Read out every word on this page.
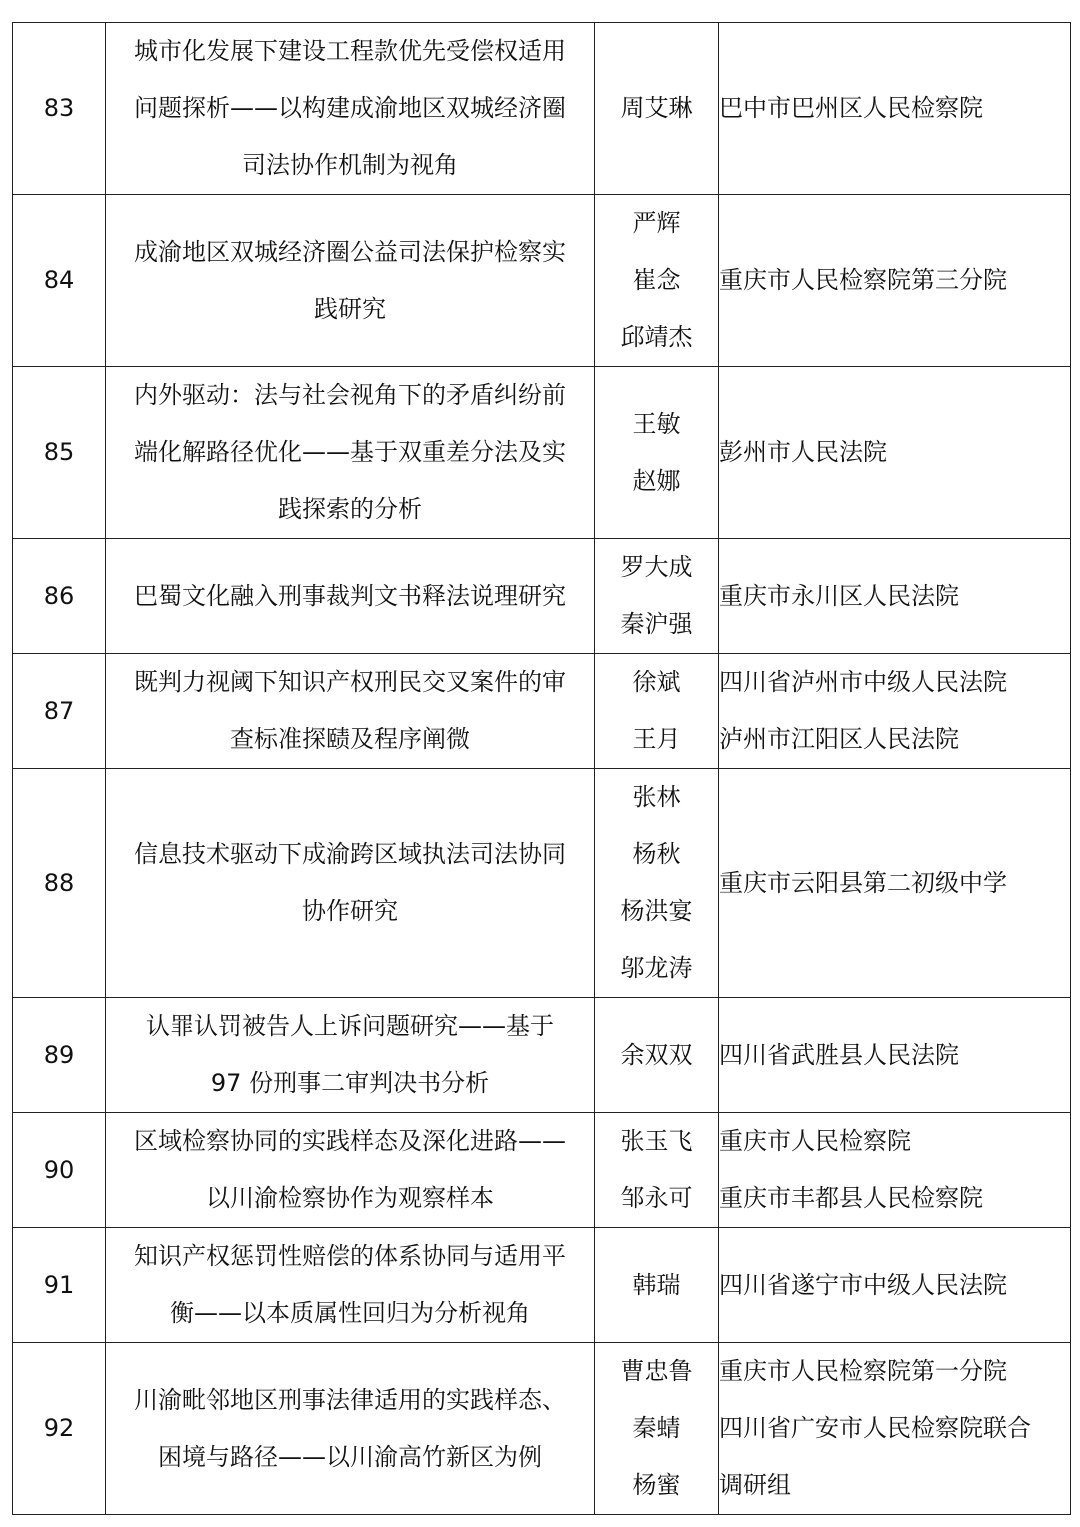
83	城市化发展下建设工程款优先受偿权适用
问题探析——以构建成渝地区双城经济圈
司法协作机制为视角	周艾琳	巴中市巴州区人民检察院

84	成渝地区双城经济圈公益司法保护检察实
践研究	严辉
崔念
邱靖杰	重庆市人民检察院第三分院

85	内外驱动：法与社会视角下的矛盾纠纷前
端化解路径优化——基于双重差分法及实
践探索的分析	王敏
赵娜	彭州市人民法院

86	巴蜀文化融入刑事裁判文书释法说理研究	罗大成
秦沪强	重庆市永川区人民法院

87	既判力视阈下知识产权刑民交叉案件的审
查标准探赜及程序阐微	徐斌
王月	四川省泸州市中级人民法院
泸州市江阳区人民法院

88	信息技术驱动下成渝跨区域执法司法协同
协作研究	张林
杨秋
杨洪宴
邬龙涛	重庆市云阳县第二初级中学

89	认罪认罚被告人上诉问题研究——基于
97 份刑事二审判决书分析	余双双	四川省武胜县人民法院

90	区域检察协同的实践样态及深化进路——
以川渝检察协作为观察样本	张玉飞
邹永可	重庆市人民检察院
重庆市丰都县人民检察院

91	知识产权惩罚性赔偿的体系协同与适用平
衡——以本质属性回归为分析视角	韩瑞	四川省遂宁市中级人民法院

92	川渝毗邻地区刑事法律适用的实践样态、
困境与路径——以川渝高竹新区为例	曹忠鲁
秦蜻
杨蜜	重庆市人民检察院第一分院
四川省广安市人民检察院联合
调研组
